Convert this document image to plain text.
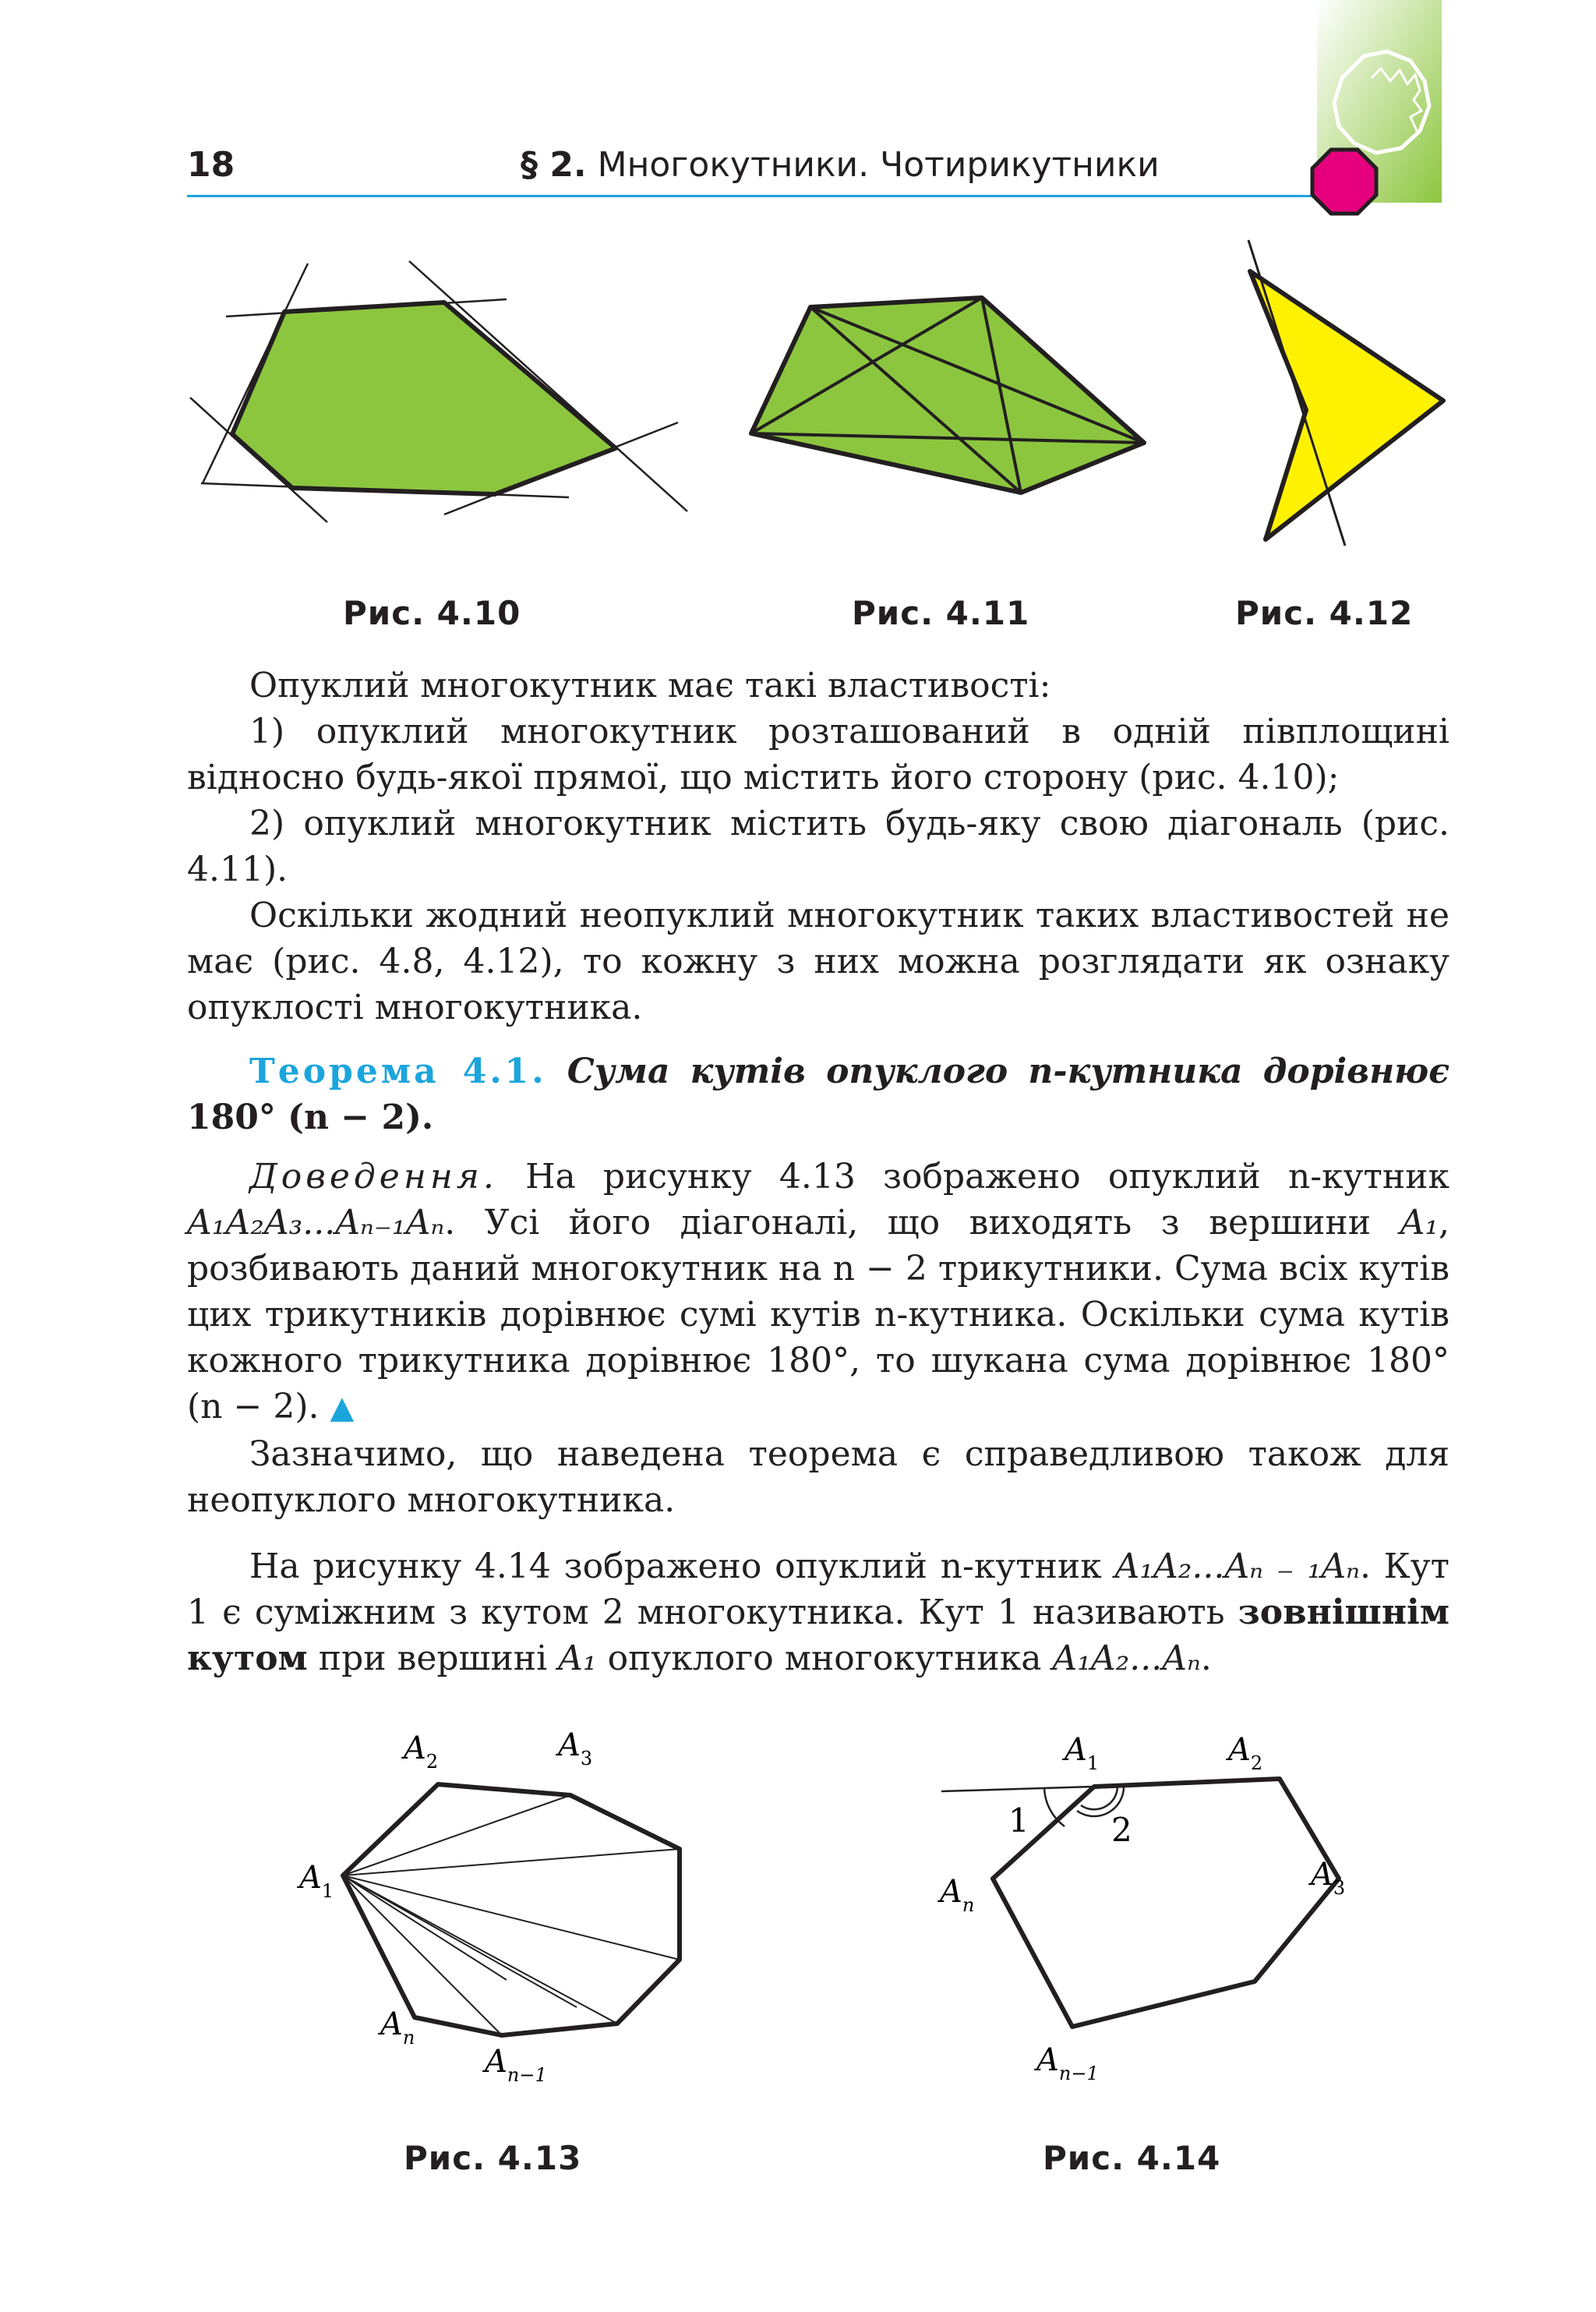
18	§ 2. Многокутники. Чотирикутники
Рис. 4.10	Рис. 4.11	Рис. 4.12

Опуклий многокутник має такі властивості:

1) опуклий многокутник розташований в одній півплощині відносно будь-якої прямої, що містить його сторону (рис. 4.10);

2) опуклий многокутник містить будь-яку свою діагональ (рис. 4.11).

Оскільки жодний неопуклий многокутник таких властивостей не має (рис. 4.8, 4.12), то кожну з них можна розглядати як ознаку опуклості многокутника.

Теорема 4.1. Сума кутів опуклого n-кутника дорівнює 180° (n − 2).

Доведення. На рисунку 4.13 зображено опуклий n-кутник A₁A₂A₃...Aₙ₋₁Aₙ. Усі його діагоналі, що виходять з вершини A₁, розбивають даний многокутник на n − 2 трикутники. Сума всіх кутів цих трикутників дорівнює сумі кутів n-кутника. Оскільки сума кутів кожного трикутника дорівнює 180°, то шукана сума дорівнює 180° (n − 2). ▲

Зазначимо, що наведена теорема є справедливою також для неопуклого многокутника.

На рисунку 4.14 зображено опуклий n-кутник A₁A₂...Aₙ ₋ ₁Aₙ. Кут 1 є суміжним з кутом 2 многокутника. Кут 1 називають зовнішнім кутом при вершині A₁ опуклого многокутника A₁A₂...Aₙ.

$A_2$	$A_3$
$A_1$
$A_n$
$A_{n-1}$
1	2
$A_1$	$A_2$
$A_3$
$A_n$
$A_{n-1}$
Рис. 4.13	Рис. 4.14
